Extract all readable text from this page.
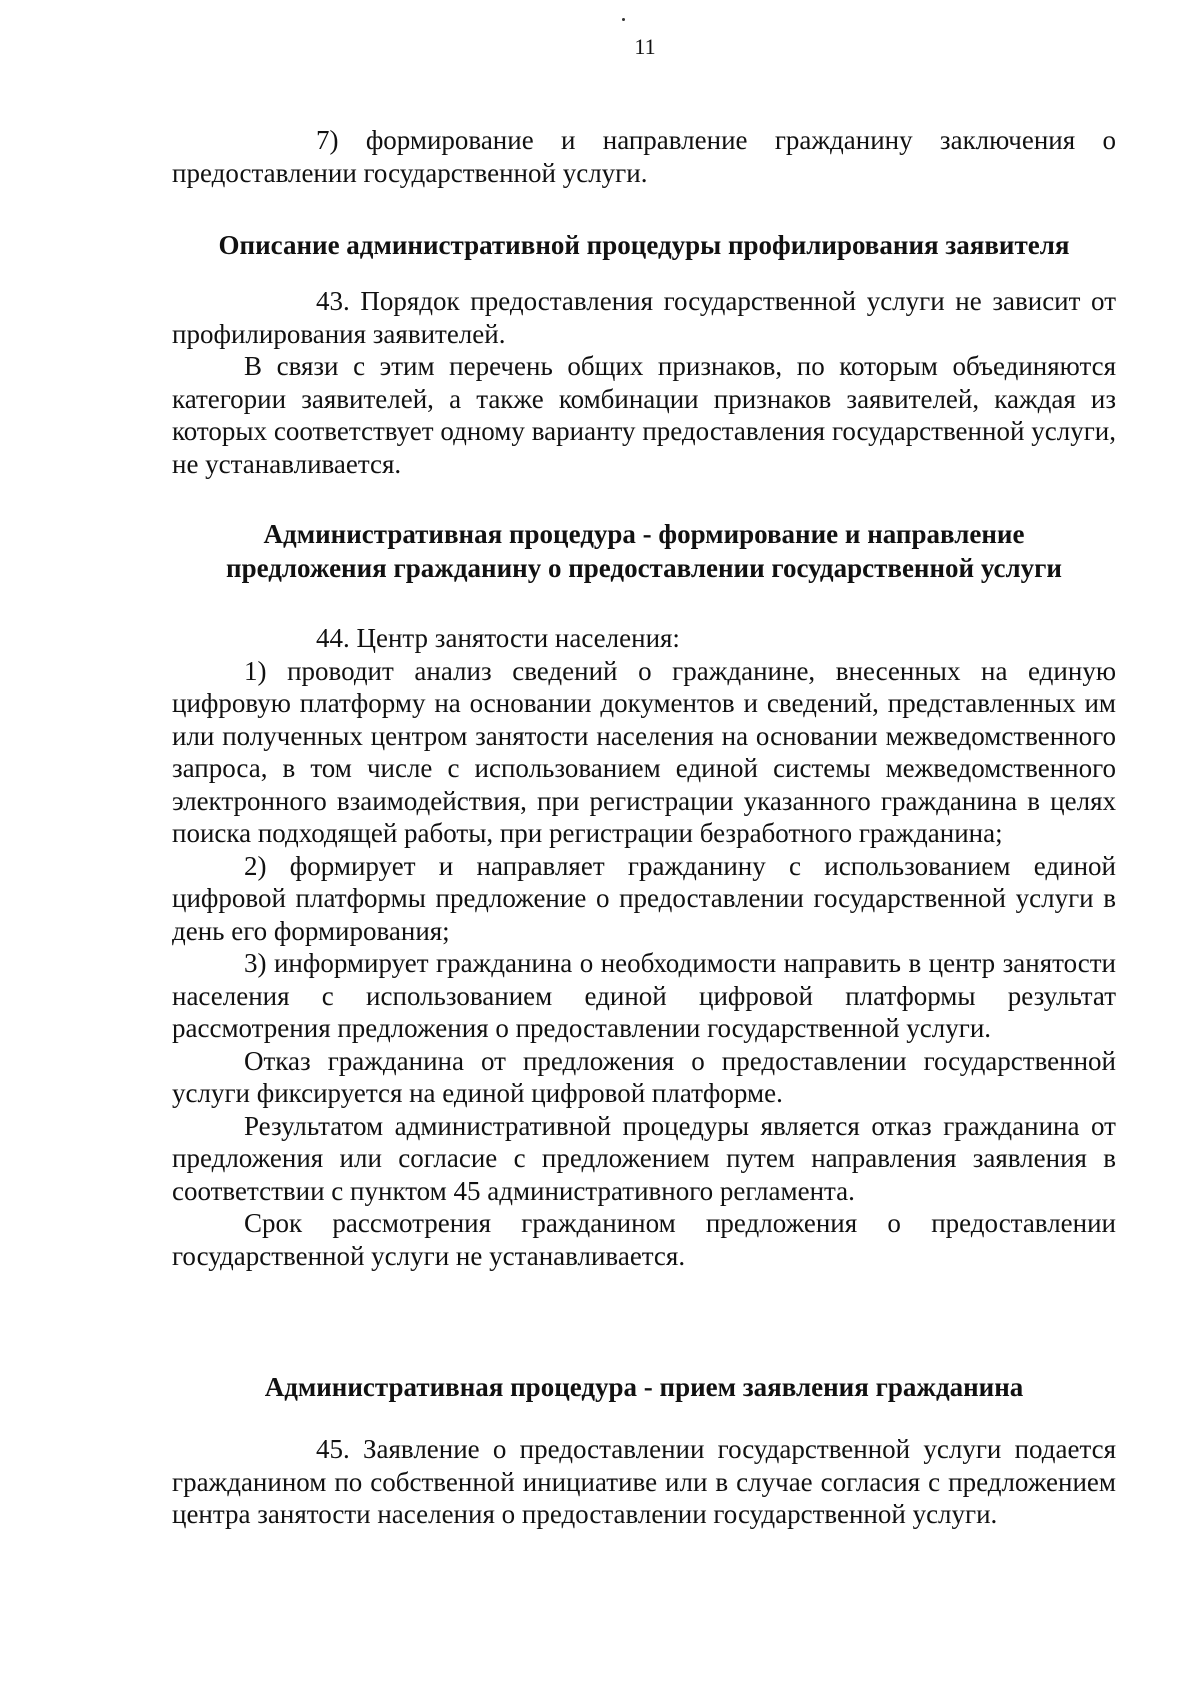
11

7) формирование и направление гражданину заключения о предоставлении государственной услуги.

Описание административной процедуры профилирования заявителя

43. Порядок предоставления государственной услуги не зависит от профилирования заявителей.

В связи с этим перечень общих признаков, по которым объединяются категории заявителей, а также комбинации признаков заявителей, каждая из которых соответствует одному варианту предоставления государственной услуги, не устанавливается.

Административная процедура - формирование и направление
предложения гражданину о предоставлении государственной услуги

44. Центр занятости населения:

1) проводит анализ сведений о гражданине, внесенных на единую цифровую платформу на основании документов и сведений, представленных им или полученных центром занятости населения на основании межведомственного запроса, в том числе с использованием единой системы межведомственного электронного взаимодействия, при регистрации указанного гражданина в целях поиска подходящей работы, при регистрации безработного гражданина;

2) формирует и направляет гражданину с использованием единой цифровой платформы предложение о предоставлении государственной услуги в день его формирования;

3) информирует гражданина о необходимости направить в центр занятости населения с использованием единой цифровой платформы результат рассмотрения предложения о предоставлении государственной услуги.

Отказ гражданина от предложения о предоставлении государственной услуги фиксируется на единой цифровой платформе.

Результатом административной процедуры является отказ гражданина от предложения или согласие с предложением путем направления заявления в соответствии с пунктом 45 административного регламента.

Срок рассмотрения гражданином предложения о предоставлении государственной услуги не устанавливается.

Административная процедура - прием заявления гражданина

45. Заявление о предоставлении государственной услуги подается гражданином по собственной инициативе или в случае согласия с предложением центра занятости населения о предоставлении государственной услуги.
